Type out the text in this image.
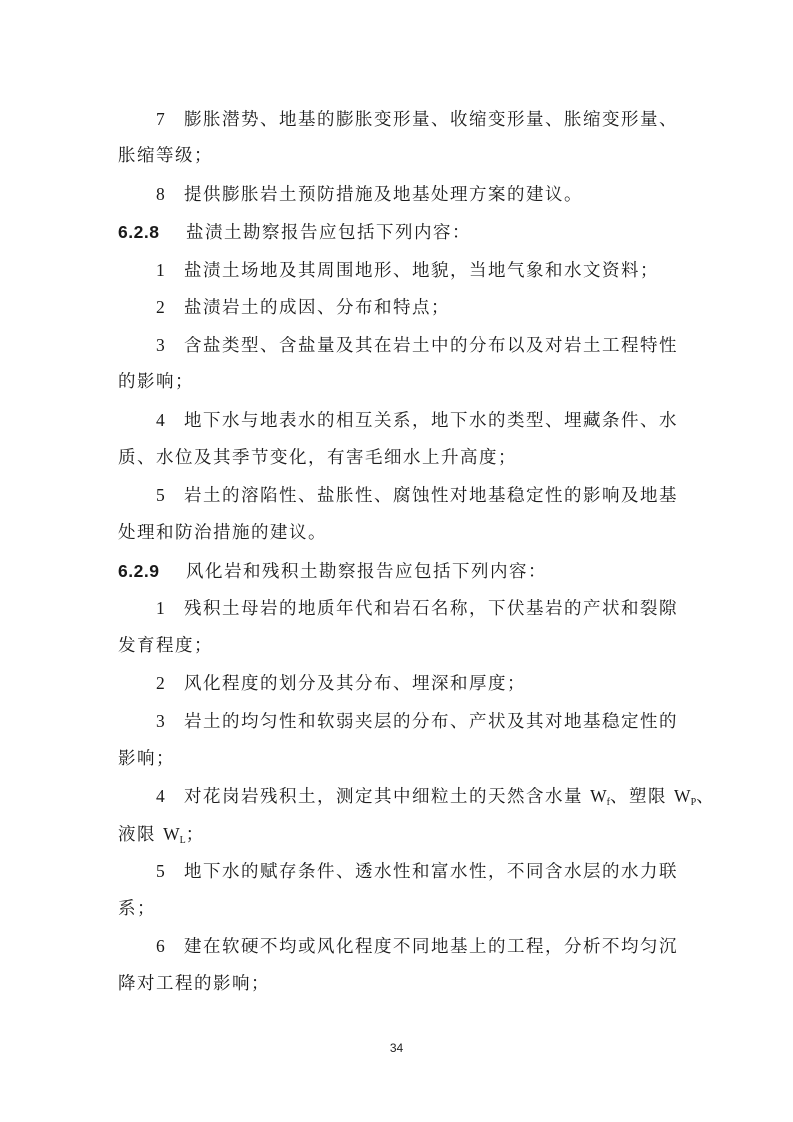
7 膨胀潜势、地基的膨胀变形量、收缩变形量、胀缩变形量、
胀缩等级；
8 提供膨胀岩土预防措施及地基处理方案的建议。
6.2.8 盐渍土勘察报告应包括下列内容：
1 盐渍土场地及其周围地形、地貌，当地气象和水文资料；
2 盐渍岩土的成因、分布和特点；
3 含盐类型、含盐量及其在岩土中的分布以及对岩土工程特性
的影响；
4 地下水与地表水的相互关系，地下水的类型、埋藏条件、水
质、水位及其季节变化，有害毛细水上升高度；
5 岩土的溶陷性、盐胀性、腐蚀性对地基稳定性的影响及地基
处理和防治措施的建议。
6.2.9 风化岩和残积土勘察报告应包括下列内容：
1 残积土母岩的地质年代和岩石名称，下伏基岩的产状和裂隙
发育程度；
2 风化程度的划分及其分布、埋深和厚度；
3 岩土的均匀性和软弱夹层的分布、产状及其对地基稳定性的
影响；
4 对花岗岩残积土，测定其中细粒土的天然含水量 $W_f$、塑限 $W_P$、
液限 $W_L$；
5 地下水的赋存条件、透水性和富水性，不同含水层的水力联
系；
6 建在软硬不均或风化程度不同地基上的工程，分析不均匀沉
降对工程的影响；
34
